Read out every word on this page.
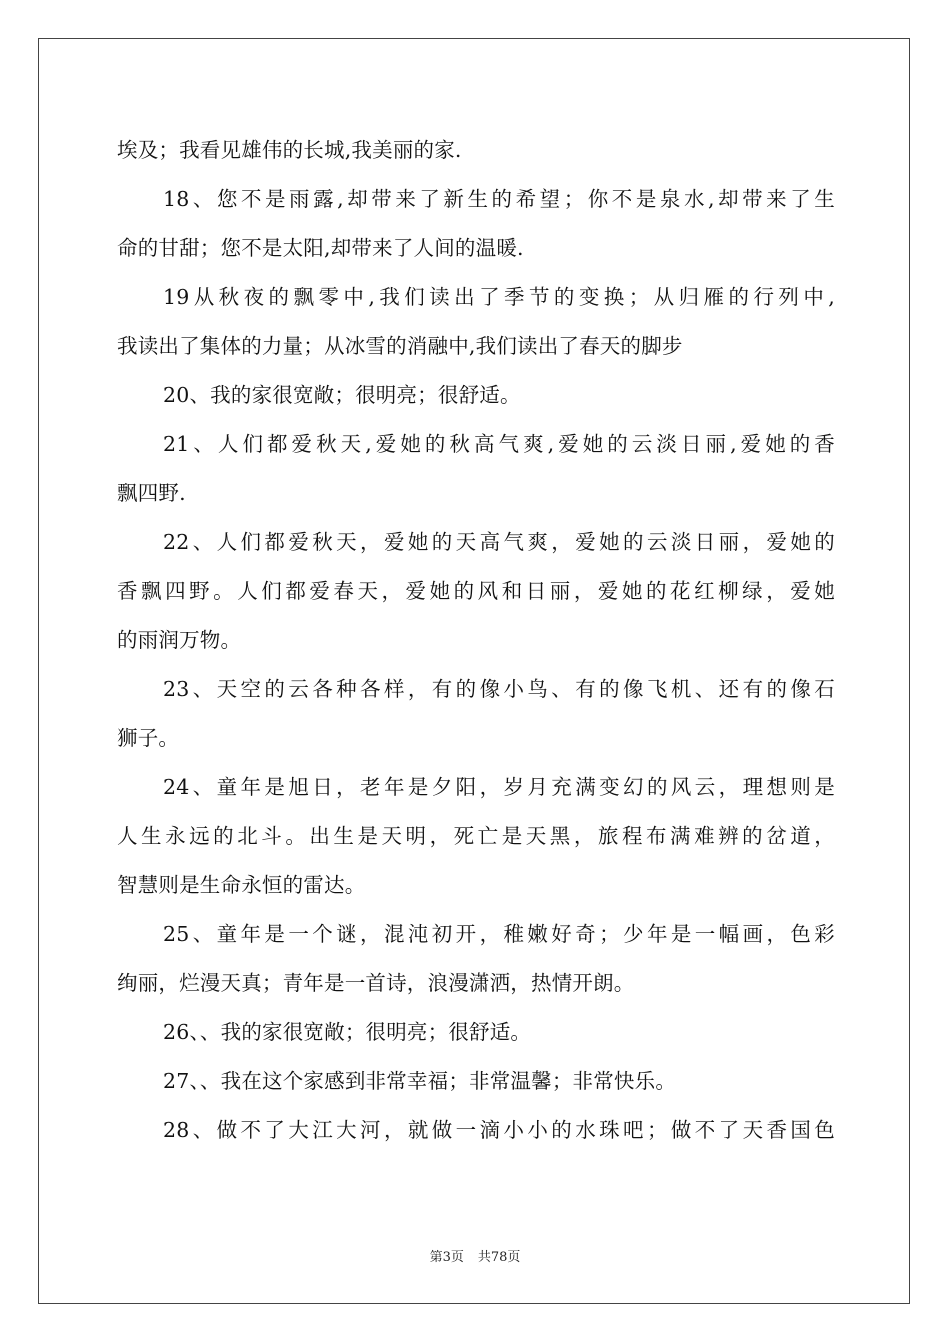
埃及；我看见雄伟的长城,我美丽的家.
18、您不是雨露,却带来了新生的希望；你不是泉水,却带来了生
命的甘甜；您不是太阳,却带来了人间的温暖.
19从秋夜的飘零中,我们读出了季节的变换；从归雁的行列中,
我读出了集体的力量；从冰雪的消融中,我们读出了春天的脚步
20、我的家很宽敞；很明亮；很舒适。
21、人们都爱秋天,爱她的秋高气爽,爱她的云淡日丽,爱她的香
飘四野.
22、人们都爱秋天，爱她的天高气爽，爱她的云淡日丽，爱她的
香飘四野。人们都爱春天，爱她的风和日丽，爱她的花红柳绿，爱她
的雨润万物。
23、天空的云各种各样，有的像小鸟、有的像飞机、还有的像石
狮子。
24、童年是旭日，老年是夕阳，岁月充满变幻的风云，理想则是
人生永远的北斗。出生是天明，死亡是天黑，旅程布满难辨的岔道，
智慧则是生命永恒的雷达。
25、童年是一个谜，混沌初开，稚嫩好奇；少年是一幅画，色彩
绚丽，烂漫天真；青年是一首诗，浪漫潇洒，热情开朗。
26、、我的家很宽敞；很明亮；很舒适。
27、、我在这个家感到非常幸福；非常温馨；非常快乐。
28、做不了大江大河，就做一滴小小的水珠吧；做不了天香国色
第3页 共78页
